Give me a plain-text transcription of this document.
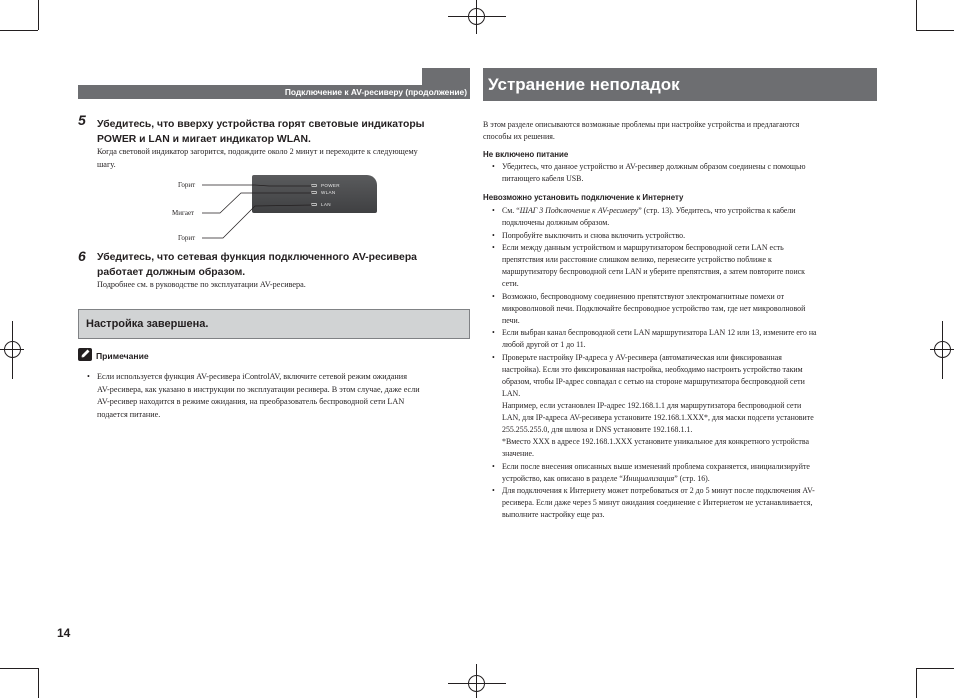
Подключение к AV-ресиверу (продолжение)
5 Убедитесь, что вверху устройства горят световые индикаторы
POWER и LAN и мигает индикатор WLAN.
Когда световой индикатор загорится, подождите около 2 минут и переходите к следующему
шагу.
POWER
WLAN
LAN
Горит
Мигает
Горит
6 Убедитесь, что сетевая функция подключенного AV-ресивера
работает должным образом.
Подробнее см. в руководстве по эксплуатации AV-ресивера.
Настройка завершена.
Примечание
• Если используется функция AV-ресивера iControlAV, включите сетевой режим ожидания
AV-ресивера, как указано в инструкции по эксплуатации ресивера. В этом случае, даже если
AV-ресивер находится в режиме ожидания, на преобразователь беспроводной сети LAN
подается питание.
14
Устранение неполадок
В этом разделе описываются возможные проблемы при настройке устройства и предлагаются
способы их решения.
Не включено питание
• Убедитесь, что данное устройство и AV-ресивер должным образом соединены с помощью
питающего кабеля USB.
Невозможно установить подключение к Интернету
• См. “ШАГ 3 Подключение к AV-ресиверу” (стр. 13). Убедитесь, что устройства к кабели
подключены должным образом.
• Попробуйте выключить и снова включить устройство.
• Если между данным устройством и маршрутизатором беспроводной сети LAN есть
препятствия или расстояние слишком велико, перенесите устройство поближе к
маршрутизатору беспроводной сети LAN и уберите препятствия, а затем повторите поиск
сети.
• Возможно, беспроводному соединению препятствуют электромагнитные помехи от
микроволновой печи. Подключайте беспроводное устройство там, где нет микроволновой
печи.
• Если выбран канал беспроводной сети LAN маршрутизатора LAN 12 или 13, измените его на
любой другой от 1 до 11.
• Проверьте настройку IP-адреса у AV-ресивера (автоматическая или фиксированная
настройка). Если это фиксированная настройка, необходимо настроить устройство таким
образом, чтобы IP-адрес совпадал с сетью на стороне маршрутизатора беспроводной сети
LAN.
Например, если установлен IP-адрес 192.168.1.1 для маршрутизатора беспроводной сети
LAN, для IP-адреса AV-ресивера установите 192.168.1.XXX*, для маски подсети установите
255.255.255.0, для шлюза и DNS установите 192.168.1.1.
*Вместо XXX в адресе 192.168.1.XXX установите уникальное для конкретного устройства
значение.
• Если после внесения описанных выше изменений проблема сохраняется, инициализируйте
устройство, как описано в разделе “Инициализация” (стр. 16).
• Для подключения к Интернету может потребоваться от 2 до 5 минут после подключения AV-
ресивера. Если даже через 5 минут ожидания соединение с Интернетом не устанавливается,
выполните настройку еще раз.
